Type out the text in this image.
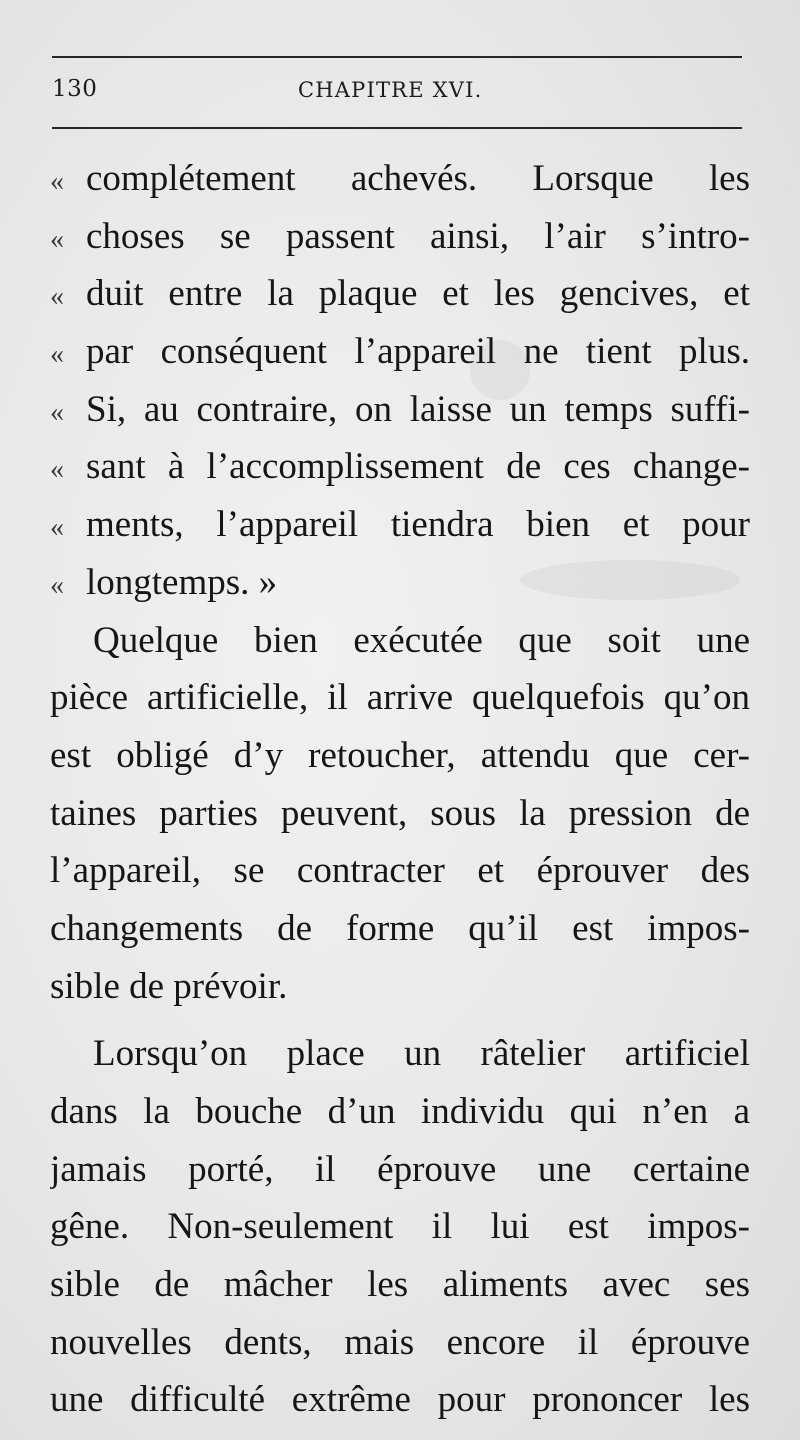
130	CHAPITRE XVI.
« complétement achevés. Lorsque les
« choses se passent ainsi, l’air s’intro-
« duit entre la plaque et les gencives, et
« par conséquent l’appareil ne tient plus.
« Si, au contraire, on laisse un temps suffi-
« sant à l’accomplissement de ces change-
« ments, l’appareil tiendra bien et pour
« longtemps. »
Quelque bien exécutée que soit une
pièce artificielle, il arrive quelquefois qu’on
est obligé d’y retoucher, attendu que cer-
taines parties peuvent, sous la pression de
l’appareil, se contracter et éprouver des
changements de forme qu’il est impos-
sible de prévoir.
Lorsqu’on place un râtelier artificiel
dans la bouche d’un individu qui n’en a
jamais porté, il éprouve une certaine
gêne. Non-seulement il lui est impos-
sible de mâcher les aliments avec ses
nouvelles dents, mais encore il éprouve
une difficulté extrême pour prononcer les
